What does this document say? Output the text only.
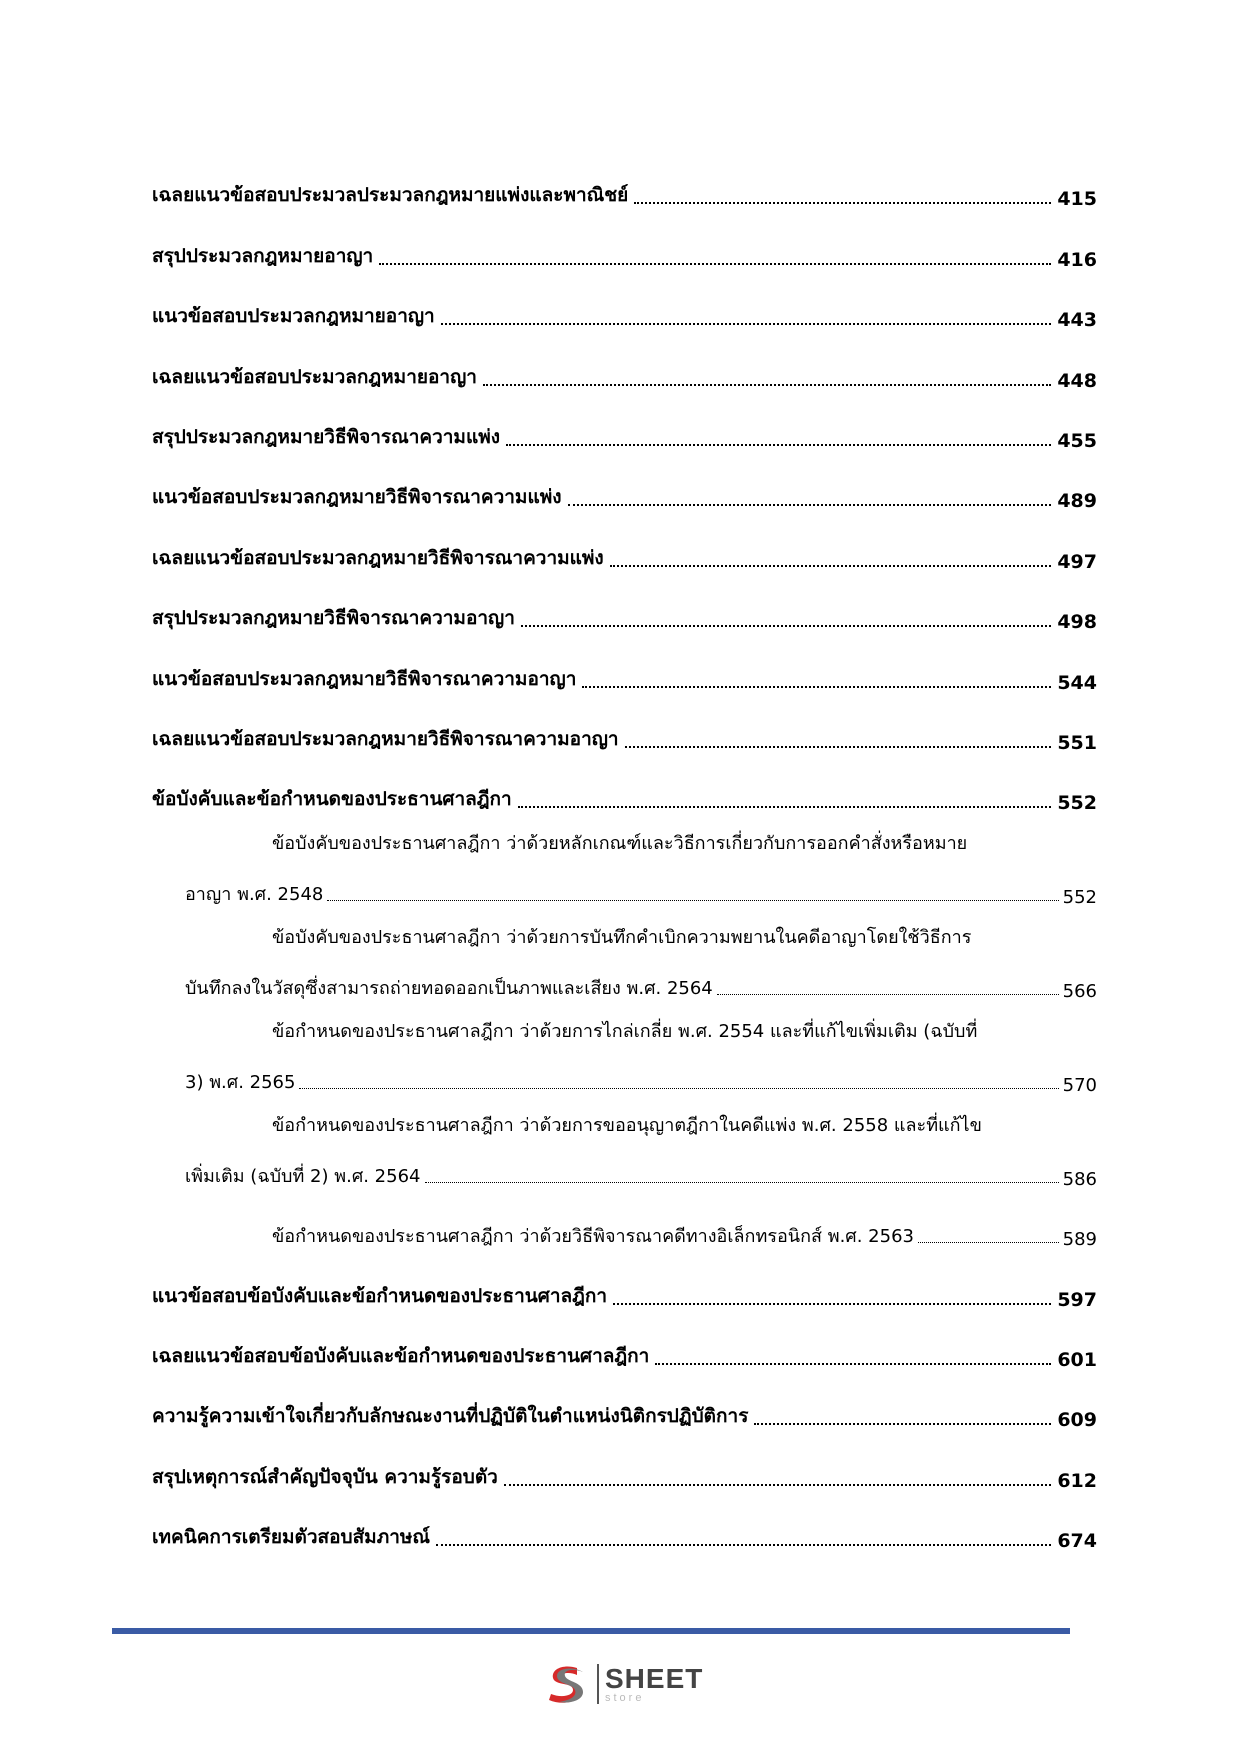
เฉลยแนวข้อสอบประมวลประมวลกฎหมายแพ่งและพาณิชย์	415
สรุปประมวลกฎหมายอาญา	416
แนวข้อสอบประมวลกฎหมายอาญา	443
เฉลยแนวข้อสอบประมวลกฎหมายอาญา	448
สรุปประมวลกฎหมายวิธีพิจารณาความแพ่ง	455
แนวข้อสอบประมวลกฎหมายวิธีพิจารณาความแพ่ง	489
เฉลยแนวข้อสอบประมวลกฎหมายวิธีพิจารณาความแพ่ง	497
สรุปประมวลกฎหมายวิธีพิจารณาความอาญา	498
แนวข้อสอบประมวลกฎหมายวิธีพิจารณาความอาญา	544
เฉลยแนวข้อสอบประมวลกฎหมายวิธีพิจารณาความอาญา	551
ข้อบังคับและข้อกำหนดของประธานศาลฎีกา	552
ข้อบังคับของประธานศาลฎีกา ว่าด้วยหลักเกณฑ์และวิธีการเกี่ยวกับการออกคำสั่งหรือหมาย
อาญา พ.ศ. 2548	552
ข้อบังคับของประธานศาลฎีกา ว่าด้วยการบันทึกคำเบิกความพยานในคดีอาญาโดยใช้วิธีการ
บันทึกลงในวัสดุซึ่งสามารถถ่ายทอดออกเป็นภาพและเสียง พ.ศ. 2564	566
ข้อกำหนดของประธานศาลฎีกา ว่าด้วยการไกล่เกลี่ย พ.ศ. 2554 และที่แก้ไขเพิ่มเติม (ฉบับที่
3) พ.ศ. 2565	570
ข้อกำหนดของประธานศาลฎีกา ว่าด้วยการขออนุญาตฎีกาในคดีแพ่ง พ.ศ. 2558 และที่แก้ไข
เพิ่มเติม (ฉบับที่ 2) พ.ศ. 2564	586
ข้อกำหนดของประธานศาลฎีกา ว่าด้วยวิธีพิจารณาคดีทางอิเล็กทรอนิกส์ พ.ศ. 2563	589
แนวข้อสอบข้อบังคับและข้อกำหนดของประธานศาลฎีกา	597
เฉลยแนวข้อสอบข้อบังคับและข้อกำหนดของประธานศาลฎีกา	601
ความรู้ความเข้าใจเกี่ยวกับลักษณะงานที่ปฏิบัติในตำแหน่งนิติกรปฏิบัติการ	609
สรุปเหตุการณ์สำคัญปัจจุบัน ความรู้รอบตัว	612
เทคนิคการเตรียมตัวสอบสัมภาษณ์	674
SHEET
store
